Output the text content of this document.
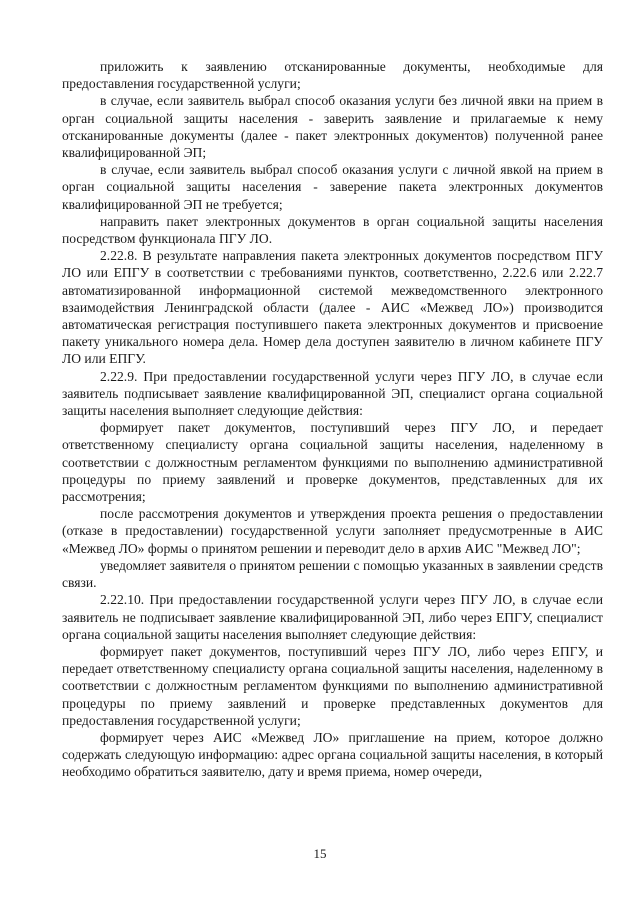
приложить к заявлению отсканированные документы, необходимые для предоставления государственной услуги;

в случае, если заявитель выбрал способ оказания услуги без личной явки на прием в орган социальной защиты населения - заверить заявление и прилагаемые к нему отсканированные документы (далее - пакет электронных документов) полученной ранее квалифицированной ЭП;

в случае, если заявитель выбрал способ оказания услуги с личной явкой на прием в орган социальной защиты населения - заверение пакета электронных документов квалифицированной ЭП не требуется;

направить пакет электронных документов в орган социальной защиты населения посредством функционала ПГУ ЛО.

2.22.8. В результате направления пакета электронных документов посредством ПГУ ЛО или ЕПГУ в соответствии с требованиями пунктов, соответственно, 2.22.6 или 2.22.7 автоматизированной информационной системой межведомственного электронного взаимодействия Ленинградской области (далее - АИС «Межвед ЛО») производится автоматическая регистрация поступившего пакета электронных документов и присвоение пакету уникального номера дела. Номер дела доступен заявителю в личном кабинете ПГУ ЛО или ЕПГУ.

2.22.9. При предоставлении государственной услуги через ПГУ ЛО, в случае если заявитель подписывает заявление квалифицированной ЭП, специалист органа социальной защиты населения выполняет следующие действия:

формирует пакет документов, поступивший через ПГУ ЛО, и передает ответственному специалисту органа социальной защиты населения, наделенному в соответствии с должностным регламентом функциями по выполнению административной процедуры по приему заявлений и проверке документов, представленных для их рассмотрения;

после рассмотрения документов и утверждения проекта решения о предоставлении (отказе в предоставлении) государственной услуги заполняет предусмотренные в АИС «Межвед ЛО» формы о принятом решении и переводит дело в архив АИС "Межвед ЛО";

уведомляет заявителя о принятом решении с помощью указанных в заявлении средств связи.

2.22.10. При предоставлении государственной услуги через ПГУ ЛО, в случае если заявитель не подписывает заявление квалифицированной ЭП, либо через ЕПГУ, специалист органа социальной защиты населения выполняет следующие действия:

формирует пакет документов, поступивший через ПГУ ЛО, либо через ЕПГУ, и передает ответственному специалисту органа социальной защиты населения, наделенному в соответствии с должностным регламентом функциями по выполнению административной процедуры по приему заявлений и проверке представленных документов для предоставления государственной услуги;

формирует через АИС «Межвед ЛО» приглашение на прием, которое должно содержать следующую информацию: адрес органа социальной защиты населения, в который необходимо обратиться заявителю, дату и время приема, номер очереди,

15
